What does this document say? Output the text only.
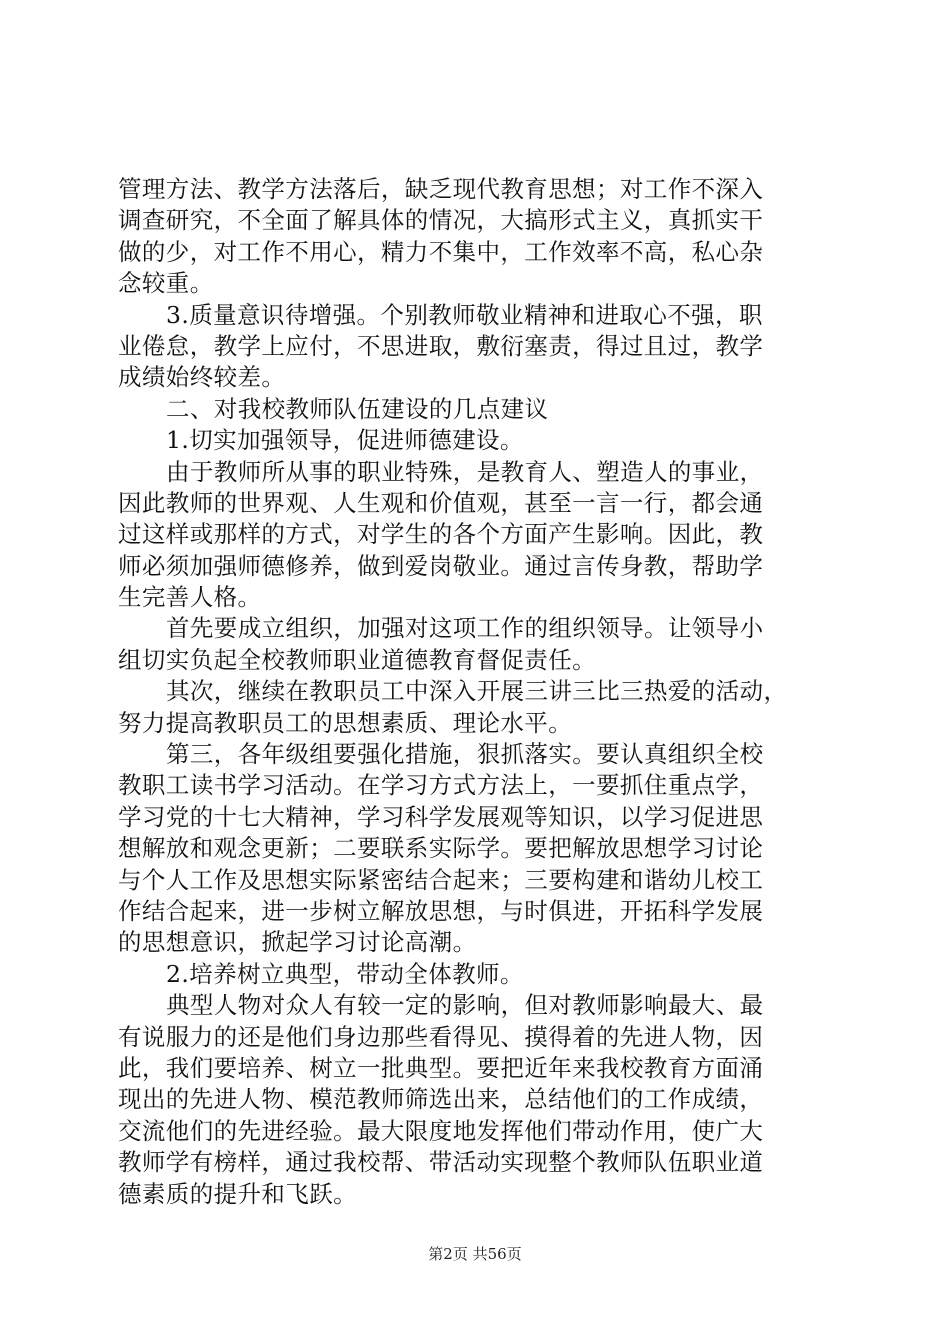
管理方法、教学方法落后，缺乏现代教育思想；对工作不深入
调查研究，不全面了解具体的情况，大搞形式主义，真抓实干
做的少，对工作不用心，精力不集中，工作效率不高，私心杂
念较重。
3.质量意识待增强。个别教师敬业精神和进取心不强，职
业倦怠，教学上应付，不思进取，敷衍塞责，得过且过，教学
成绩始终较差。
二、对我校教师队伍建设的几点建议
1.切实加强领导，促进师德建设。
由于教师所从事的职业特殊，是教育人、塑造人的事业，
因此教师的世界观、人生观和价值观，甚至一言一行，都会通
过这样或那样的方式，对学生的各个方面产生影响。因此，教
师必须加强师德修养，做到爱岗敬业。通过言传身教，帮助学
生完善人格。
首先要成立组织，加强对这项工作的组织领导。让领导小
组切实负起全校教师职业道德教育督促责任。
其次，继续在教职员工中深入开展三讲三比三热爱的活动，
努力提高教职员工的思想素质、理论水平。
第三，各年级组要强化措施，狠抓落实。要认真组织全校
教职工读书学习活动。在学习方式方法上，一要抓住重点学，
学习党的十七大精神，学习科学发展观等知识，以学习促进思
想解放和观念更新；二要联系实际学。要把解放思想学习讨论
与个人工作及思想实际紧密结合起来；三要构建和谐幼儿校工
作结合起来，进一步树立解放思想，与时俱进，开拓科学发展
的思想意识，掀起学习讨论高潮。
2.培养树立典型，带动全体教师。
典型人物对众人有较一定的影响，但对教师影响最大、最
有说服力的还是他们身边那些看得见、摸得着的先进人物，因
此，我们要培养、树立一批典型。要把近年来我校教育方面涌
现出的先进人物、模范教师筛选出来，总结他们的工作成绩，
交流他们的先进经验。最大限度地发挥他们带动作用，使广大
教师学有榜样，通过我校帮、带活动实现整个教师队伍职业道
德素质的提升和飞跃。
第2页 共56页
